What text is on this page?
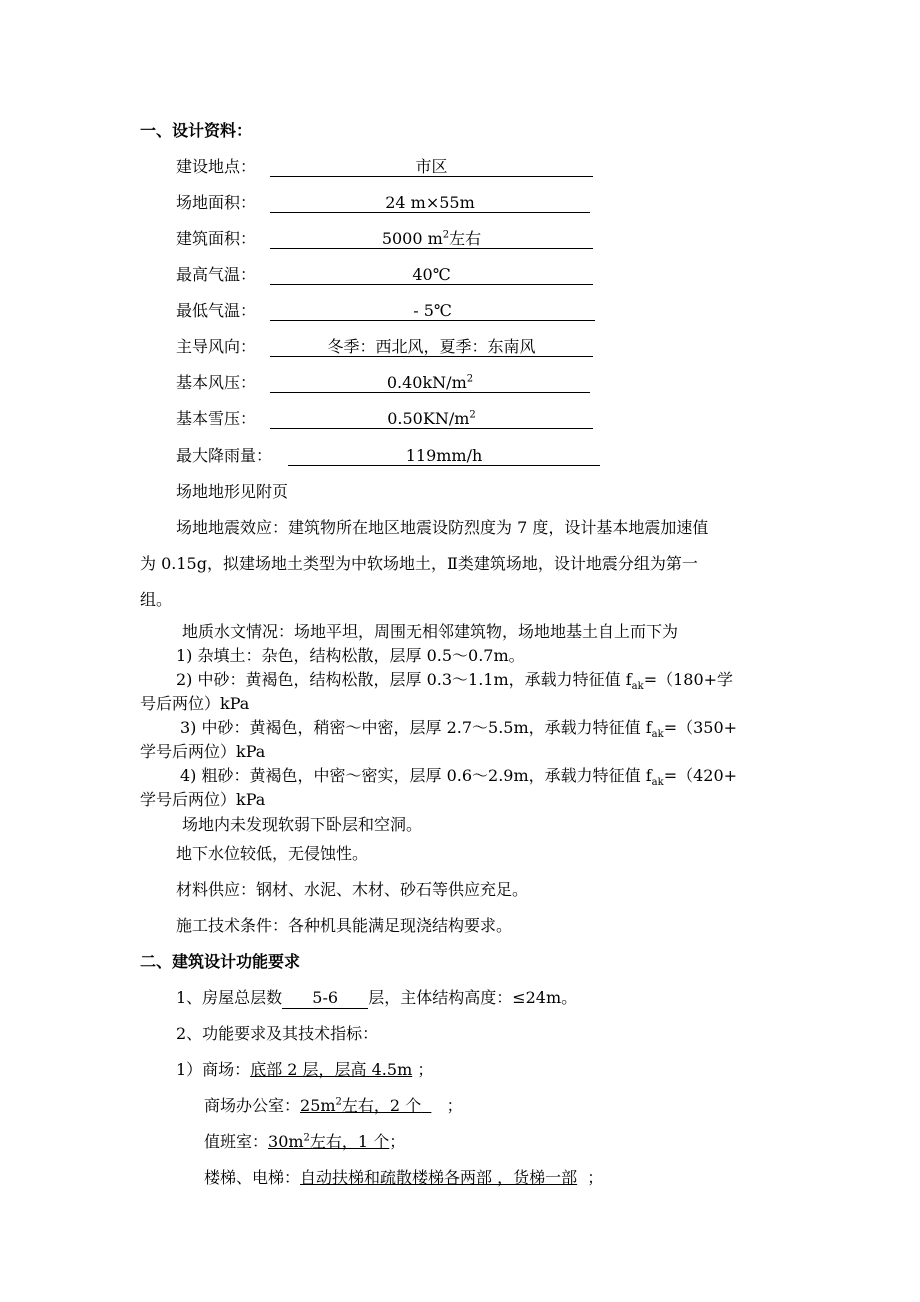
一、设计资料：
建设地点：	市区
场地面积：	24 m×55m
建筑面积：	5000 $m^2$左右
最高气温：	40℃
最低气温：	- 5℃
主导风向：	冬季：西北风，夏季：东南风
基本风压：	$0.40kN/m^2$
基本雪压：	$0.50KN/m^2$
最大降雨量：	119mm/h
场地地形见附页
场地地震效应：建筑物所在地区地震设防烈度为 7 度，设计基本地震加速值
为 0.15g，拟建场地土类型为中软场地土，Ⅱ类建筑场地，设计地震分组为第一
组。
地质水文情况：场地平坦，周围无相邻建筑物，场地地基土自上而下为
1) 杂填土：杂色，结构松散，层厚 0.5～0.7m。
2) 中砂：黄褐色，结构松散，层厚 0.3～1.1m，承载力特征值 $f_{ak}=(180+$学
号后两位）kPa
3) 中砂：黄褐色，稍密～中密，层厚 2.7～5.5m，承载力特征值 $f_{ak}=(350+$
学号后两位）kPa
4) 粗砂：黄褐色，中密～密实，层厚 0.6～2.9m，承载力特征值 $f_{ak}=(420+$
学号后两位）kPa
场地内未发现软弱下卧层和空洞。
地下水位较低，无侵蚀性。
材料供应：钢材、水泥、木材、砂石等供应充足。
施工技术条件：各种机具能满足现浇结构要求。
二、建筑设计功能要求
1、房屋总层数 5-6 层，主体结构高度：≤24m。
2、功能要求及其技术指标：
1）商场：底部 2 层，层高 4.5m ；
商场办公室：$25m^2$左右，2 个 ；
值班室：$30m^2$左右，1 个；
楼梯、电梯：自动扶梯和疏散楼梯各两部 ，货梯一部 ；
